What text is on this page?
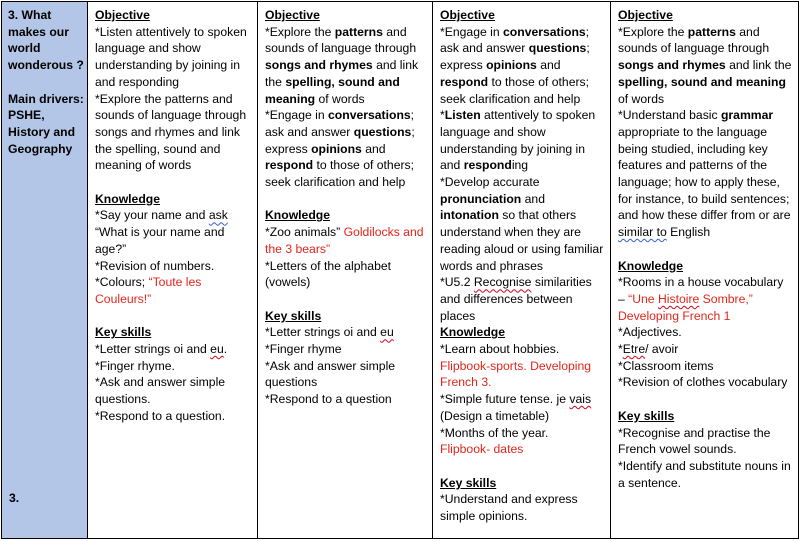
3. What makes our world wonderous ?

Main drivers:

PSHE, History and Geography

3.
Objective

*Listen attentively to spoken language and show understanding by joining in and responding

*Explore the patterns and sounds of language through songs and rhymes and link the spelling, sound and meaning of words

Knowledge

*Say your name and ask “What is your name and age?”

*Revision of numbers.

*Colours; “Toute les Couleurs!”

Key skills

*Letter strings oi and eu.

*Finger rhyme.

*Ask and answer simple questions.

*Respond to a question.

Objective

*Explore the patterns and sounds of language through songs and rhymes and link the spelling, sound and meaning of words

*Engage in conversations; ask and answer questions; express opinions and respond to those of others; seek clarification and help

Knowledge

*Zoo animals” Goldilocks and the 3 bears”

*Letters of the alphabet (vowels)

Key skills

*Letter strings oi and eu

*Finger rhyme

*Ask and answer simple questions

*Respond to a question

Objective

*Engage in conversations; ask and answer questions; express opinions and respond to those of others; seek clarification and help

*Listen attentively to spoken language and show understanding by joining in and responding

*Develop accurate pronunciation and intonation so that others understand when they are reading aloud or using familiar words and phrases

*U5.2 Recognise similarities and differences between places

Knowledge

*Learn about hobbies.

Flipbook-sports. Developing French 3.

*Simple future tense. je vais (Design a timetable)

*Months of the year.

Flipbook- dates

Key skills

*Understand and express simple opinions.

Objective

*Explore the patterns and sounds of language through songs and rhymes and link the spelling, sound and meaning of words

*Understand basic grammar appropriate to the language being studied, including key features and patterns of the language; how to apply these, for instance, to build sentences; and how these differ from or are similar to English

Knowledge

*Rooms in a house vocabulary

– “Une Histoire Sombre,” Developing French 1

*Adjectives.

*Etre/ avoir

*Classroom items

*Revision of clothes vocabulary

Key skills

*Recognise and practise the French vowel sounds.

*Identify and substitute nouns in a sentence.
